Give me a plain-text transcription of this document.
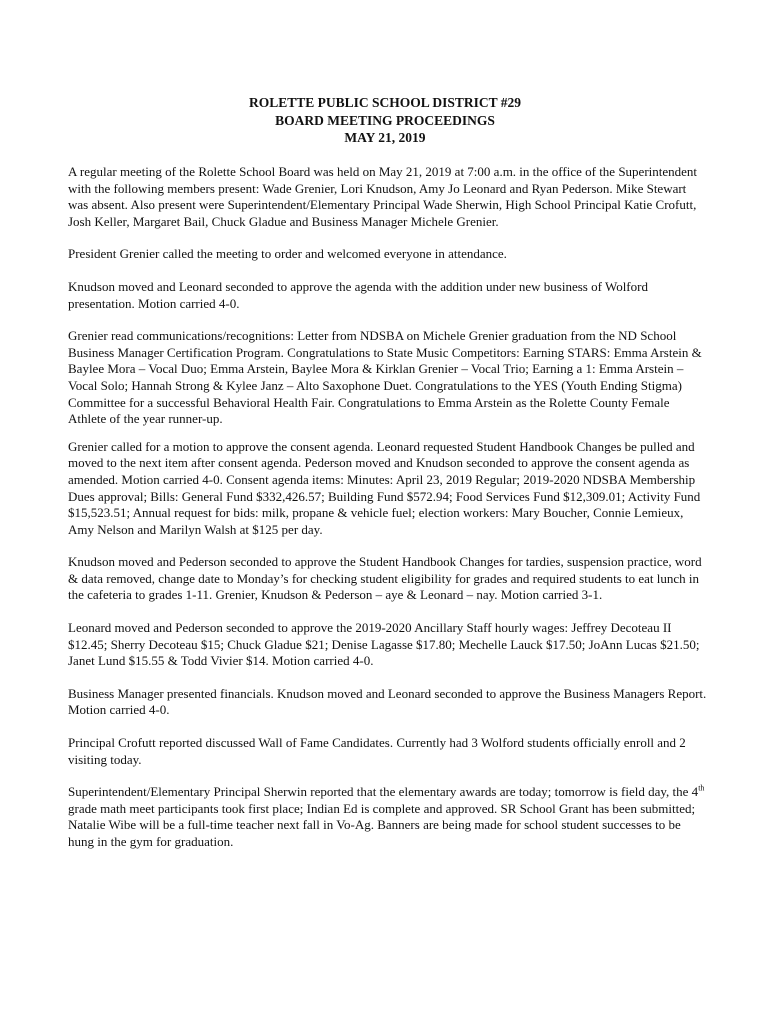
ROLETTE PUBLIC SCHOOL DISTRICT #29
BOARD MEETING PROCEEDINGS
MAY 21, 2019

A regular meeting of the Rolette School Board was held on May 21, 2019 at 7:00 a.m. in the office of the Superintendent with the following members present: Wade Grenier, Lori Knudson, Amy Jo Leonard and Ryan Pederson. Mike Stewart was absent. Also present were Superintendent/Elementary Principal Wade Sherwin, High School Principal Katie Crofutt, Josh Keller, Margaret Bail, Chuck Gladue and Business Manager Michele Grenier.

President Grenier called the meeting to order and welcomed everyone in attendance.

Knudson moved and Leonard seconded to approve the agenda with the addition under new business of Wolford presentation. Motion carried 4-0.

Grenier read communications/recognitions: Letter from NDSBA on Michele Grenier graduation from the ND School Business Manager Certification Program. Congratulations to State Music Competitors: Earning STARS: Emma Arstein & Baylee Mora – Vocal Duo; Emma Arstein, Baylee Mora & Kirklan Grenier – Vocal Trio; Earning a 1: Emma Arstein – Vocal Solo; Hannah Strong & Kylee Janz – Alto Saxophone Duet. Congratulations to the YES (Youth Ending Stigma) Committee for a successful Behavioral Health Fair. Congratulations to Emma Arstein as the Rolette County Female Athlete of the year runner-up.

Grenier called for a motion to approve the consent agenda. Leonard requested Student Handbook Changes be pulled and moved to the next item after consent agenda. Pederson moved and Knudson seconded to approve the consent agenda as amended. Motion carried 4-0. Consent agenda items: Minutes: April 23, 2019 Regular; 2019-2020 NDSBA Membership Dues approval; Bills: General Fund $332,426.57; Building Fund $572.94; Food Services Fund $12,309.01; Activity Fund $15,523.51; Annual request for bids: milk, propane & vehicle fuel; election workers: Mary Boucher, Connie Lemieux, Amy Nelson and Marilyn Walsh at $125 per day.

Knudson moved and Pederson seconded to approve the Student Handbook Changes for tardies, suspension practice, word & data removed, change date to Monday’s for checking student eligibility for grades and required students to eat lunch in the cafeteria to grades 1-11. Grenier, Knudson & Pederson – aye & Leonard – nay. Motion carried 3-1.

Leonard moved and Pederson seconded to approve the 2019-2020 Ancillary Staff hourly wages: Jeffrey Decoteau II $12.45; Sherry Decoteau $15; Chuck Gladue $21; Denise Lagasse $17.80; Mechelle Lauck $17.50; JoAnn Lucas $21.50; Janet Lund $15.55 & Todd Vivier $14. Motion carried 4-0.

Business Manager presented financials. Knudson moved and Leonard seconded to approve the Business Managers Report. Motion carried 4-0.

Principal Crofutt reported discussed Wall of Fame Candidates. Currently had 3 Wolford students officially enroll and 2 visiting today.

Superintendent/Elementary Principal Sherwin reported that the elementary awards are today; tomorrow is field day, the 4th grade math meet participants took first place; Indian Ed is complete and approved. SR School Grant has been submitted; Natalie Wibe will be a full-time teacher next fall in Vo-Ag. Banners are being made for school student successes to be hung in the gym for graduation.
